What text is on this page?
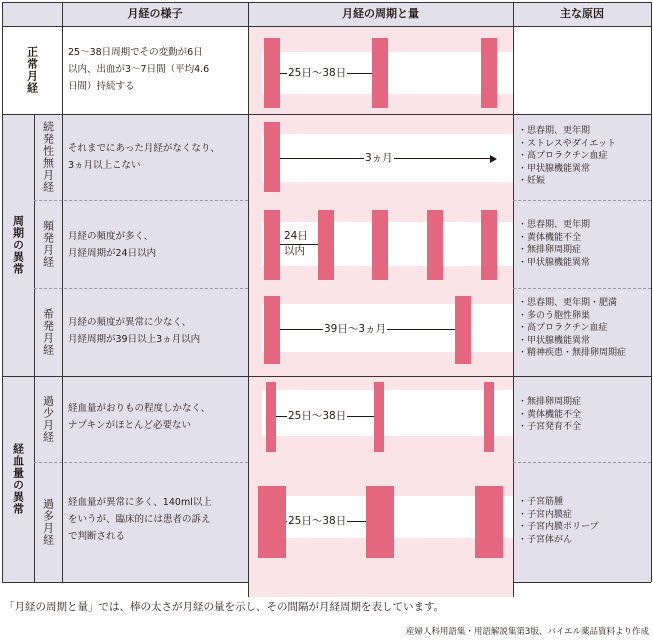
25日〜38日
3ヵ月
24日
以内
39日〜3ヵ月
25日〜38日
25日〜38日
月経の様子	月経の周期と量	主な原因
正常月経
周期の異常
経血量の異常
続発性無月経
頻発月経
希発月経
過少月経
過多月経
25〜38日周期でその変動が6日
以内、出血が3〜7日間（平均4.6
日間）持続する
それまでにあった月経がなくなり、
3ヵ月以上こない
月経の頻度が多く、
月経周期が24日以内
月経の頻度が異常に少なく、
月経周期が39日以上3ヵ月以内
経血量がおりもの程度しかなく、
ナプキンがほとんど必要ない
経血量が異常に多く、140ml以上
をいうが、臨床的には患者の訴え
で判断される
・思春期、更年期
・ストレスやダイエット
・高プロラクチン血症
・甲状腺機能異常
・妊娠
・思春期、更年期
・黄体機能不全
・無排卵周期症
・甲状腺機能異常
・思春期、更年期・肥満
・多のう胞性卵巣
・高プロラクチン血症
・甲状腺機能異常
・精神疾患・無排卵周期症
・無排卵周期症
・黄体機能不全
・子宮発育不全
・子宮筋腫
・子宮内膜症
・子宮内膜ポリープ
・子宮体がん
「月経の周期と量」では、棒の太さが月経の量を示し、その間隔が月経周期を表しています。
産婦人科用語集・用語解説集第3版、バイエル薬品資料より作成
